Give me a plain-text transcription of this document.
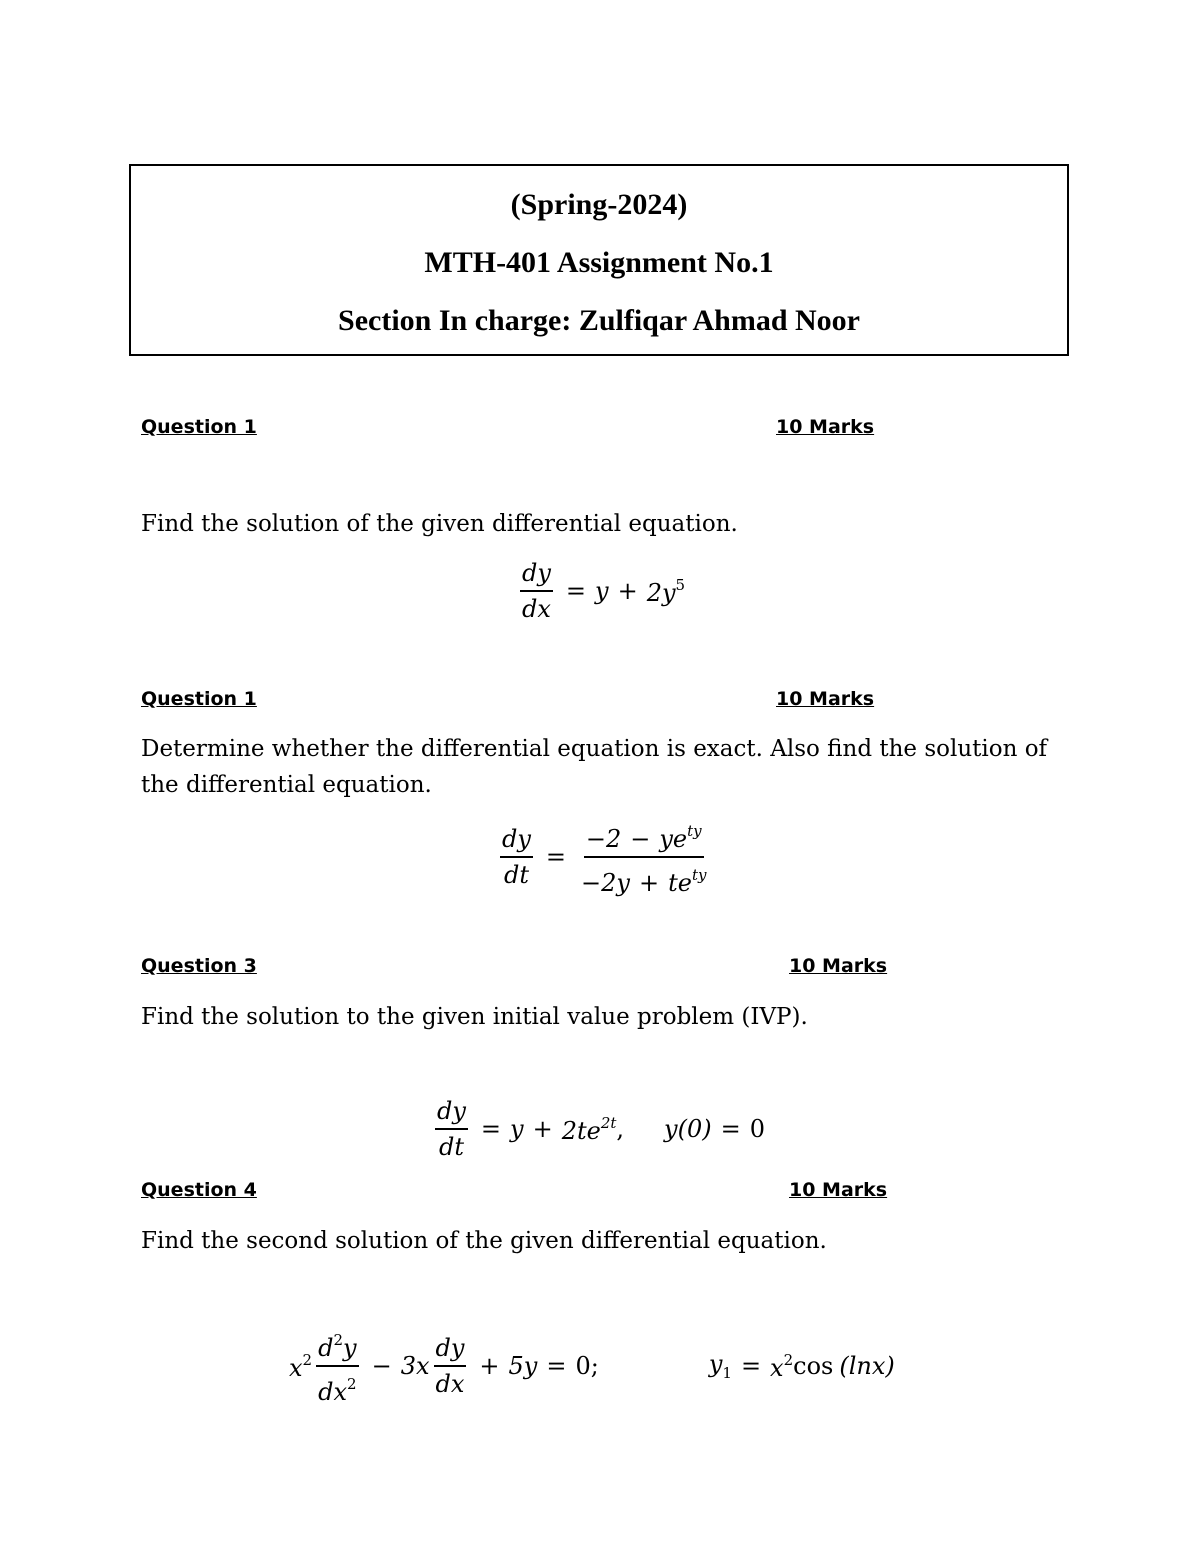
(Spring-2024)
MTH-401 Assignment No.1
Section In charge: Zulfiqar Ahmad Noor
Question 1	10 Marks
Find the solution of the given differential equation.
$\frac{dy}{dx} = y + 2y^5$
Question 1	10 Marks
Determine whether the differential equation is exact. Also find the solution of the differential equation.
$\frac{dy}{dt} = \frac{-2 - ye^{ty}}{-2y + te^{ty}}$
Question 3	10 Marks
Find the solution to the given initial value problem (IVP).
$\frac{dy}{dt} = y + 2te^{2t}$ , y(0) = 0
Question 4	10 Marks
Find the second solution of the given differential equation.
$x^2 \frac{d^2y}{dx^2} - 3x \frac{dy}{dx} + 5y = 0$;	$y_1 = x^2$ cos (lnx)
